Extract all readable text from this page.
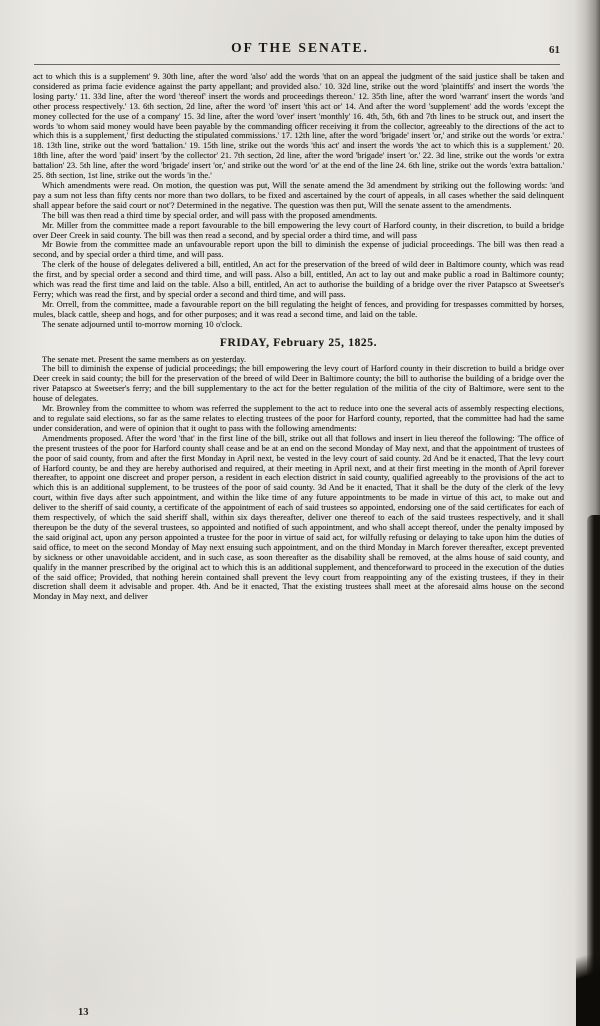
OF THE SENATE.	61

act to which this is a supplement' 9. 30th line, after the word 'also' add the words 'that on an appeal the judgment of the said justice shall be taken and considered as prima facie evidence against the party appellant; and provided also.' 10. 32d line, strike out the word 'plaintiffs' and insert the words 'the losing party.' 11. 33d line, after the word 'thereof' insert the words and proceedings thereon.' 12. 35th line, after the word 'warrant' insert the words 'and other process respectively.' 13. 6th section, 2d line, after the word 'of' insert 'this act or' 14. And after the word 'supplement' add the words 'except the money collected for the use of a company' 15. 3d line, after the word 'over' insert 'monthly' 16. 4th, 5th, 6th and 7th lines to be struck out, and insert the words 'to whom said money would have been payable by the commanding officer receiving it from the collector, agreeably to the directions of the act to which this is a supplement,' first deducting the stipulated commissions.' 17. 12th line, after the word 'brigade' insert 'or,' and strike out the words 'or extra.' 18. 13th line, strike out the word 'battalion.' 19. 15th line, strike out the words 'this act' and insert the words 'the act to which this is a supplement.' 20. 18th line, after the word 'paid' insert 'by the collector' 21. 7th section, 2d line, after the word 'brigade' insert 'or.' 22. 3d line, strike out the words 'or extra battalion' 23. 5th line, after the word 'brigade' insert 'or,' and strike out the word 'or' at the end of the line 24. 6th line, strike out the words 'extra battalion.' 25. 8th section, 1st line, strike out the words 'in the.'

Which amendments were read. On motion, the question was put, Will the senate amend the 3d amendment by striking out the following words: 'and pay a sum not less than fifty cents nor more than two dollars, to be fixed and ascertained by the court of appeals, in all cases whether the said delinquent shall appear before the said court or not'? Determined in the negative. The question was then put, Will the senate assent to the amendments.

The bill was then read a third time by special order, and will pass with the proposed amendments.

Mr. Miller from the committee made a report favourable to the bill empowering the levy court of Harford county, in their discretion, to build a bridge over Deer Creek in said county. The bill was then read a second, and by special order a third time, and will pass

Mr Bowie from the committee made an unfavourable report upon the bill to diminish the expense of judicial proceedings. The bill was then read a second, and by special order a third time, and will pass.

The clerk of the house of delegates delivered a bill, entitled, An act for the preservation of the breed of wild deer in Baltimore county, which was read the first, and by special order a second and third time, and will pass. Also a bill, entitled, An act to lay out and make public a road in Baltimore county; which was read the first time and laid on the table. Also a bill, entitled, An act to authorise the building of a bridge over the river Patapsco at Sweetser's Ferry; which was read the first, and by special order a second and third time, and will pass.

Mr. Orrell, from the committee, made a favourable report on the bill regulating the height of fences, and providing for trespasses committed by horses, mules, black cattle, sheep and hogs, and for other purposes; and it was read a second time, and laid on the table.

The senate adjourned until to-morrow morning 10 o'clock.

FRIDAY, February 25, 1825.

The senate met. Present the same members as on yesterday.

The bill to diminish the expense of judicial proceedings; the bill empowering the levy court of Harford county in their discretion to build a bridge over Deer creek in said county; the bill for the preservation of the breed of wild Deer in Baltimore county; the bill to authorise the building of a bridge over the river Patapsco at Sweetser's ferry; and the bill supplementary to the act for the better regulation of the militia of the city of Baltimore, were sent to the house of delegates.

Mr. Brownley from the committee to whom was referred the supplement to the act to reduce into one the several acts of assembly respecting elections, and to regulate said elections, so far as the same relates to electing trustees of the poor for Harford county, reported, that the committee had had the same under consideration, and were of opinion that it ought to pass with the following amendments:

Amendments proposed. After the word 'that' in the first line of the bill, strike out all that follows and insert in lieu thereof the following: 'The office of the present trustees of the poor for Harford county shall cease and be at an end on the second Monday of May next, and that the appointment of trustees of the poor of said county, from and after the first Monday in April next, be vested in the levy court of said county. 2d And be it enacted, That the levy court of Harford county, be and they are hereby authorised and required, at their meeting in April next, and at their first meeting in the month of April forever thereafter, to appoint one discreet and proper person, a resident in each election district in said county, qualified agreeably to the provisions of the act to which this is an additional supplement, to be trustees of the poor of said county. 3d And be it enacted, That it shall be the duty of the clerk of the levy court, within five days after such appointment, and within the like time of any future appointments to be made in virtue of this act, to make out and deliver to the sheriff of said county, a certificate of the appointment of each of said trustees so appointed, endorsing one of the said certificates for each of them respectively, of which the said sheriff shall, within six days thereafter, deliver one thereof to each of the said trustees respectively, and it shall thereupon be the duty of the several trustees, so appointed and notified of such appointment, and who shall accept thereof, under the penalty imposed by the said original act, upon any person appointed a trustee for the poor in virtue of said act, for wilfully refusing or delaying to take upon him the duties of said office, to meet on the second Monday of May next ensuing such appointment, and on the third Monday in March forever thereafter, except prevented by sickness or other unavoidable accident, and in such case, as soon thereafter as the disability shall be removed, at the alms house of said county, and qualify in the manner prescribed by the original act to which this is an additional supplement, and thenceforward to proceed in the execution of the duties of the said office; Provided, that nothing herein contained shall prevent the levy court from reappointing any of the existing trustees, if they in their discretion shall deem it advisable and proper. 4th. And be it enacted, That the existing trustees shall meet at the aforesaid alms house on the second Monday in May next, and deliver

13
